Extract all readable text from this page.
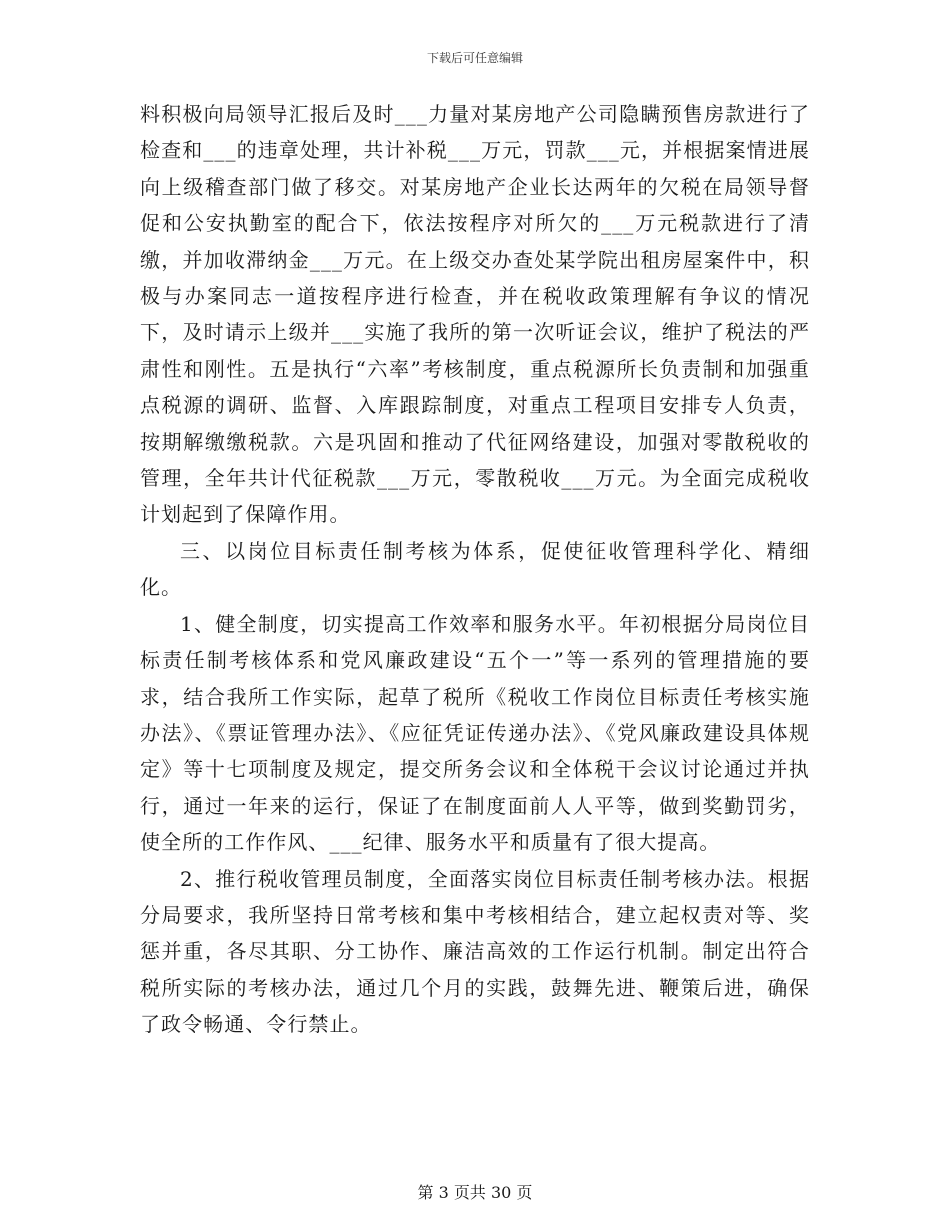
下载后可任意编辑

料积极向局领导汇报后及时___力量对某房地产公司隐瞒预售房款进行了检查和___的违章处理，共计补税___万元，罚款___元，并根据案情进展向上级稽查部门做了移交。对某房地产企业长达两年的欠税在局领导督促和公安执勤室的配合下，依法按程序对所欠的___万元税款进行了清缴，并加收滞纳金___万元。在上级交办查处某学院出租房屋案件中，积极与办案同志一道按程序进行检查，并在税收政策理解有争议的情况下，及时请示上级并___实施了我所的第一次听证会议，维护了税法的严肃性和刚性。五是执行“六率”考核制度，重点税源所长负责制和加强重点税源的调研、监督、入库跟踪制度，对重点工程项目安排专人负责，按期解缴缴税款。六是巩固和推动了代征网络建设，加强对零散税收的管理，全年共计代征税款___万元，零散税收___万元。为全面完成税收计划起到了保障作用。

三、以岗位目标责任制考核为体系，促使征收管理科学化、精细化。

1、健全制度，切实提高工作效率和服务水平。年初根据分局岗位目标责任制考核体系和党风廉政建设“五个一”等一系列的管理措施的要求，结合我所工作实际，起草了税所《税收工作岗位目标责任考核实施办法》、《票证管理办法》、《应征凭证传递办法》、《党风廉政建设具体规定》等十七项制度及规定，提交所务会议和全体税干会议讨论通过并执行，通过一年来的运行，保证了在制度面前人人平等，做到奖勤罚劣，使全所的工作作风、___纪律、服务水平和质量有了很大提高。

2、推行税收管理员制度，全面落实岗位目标责任制考核办法。根据分局要求，我所坚持日常考核和集中考核相结合，建立起权责对等、奖惩并重，各尽其职、分工协作、廉洁高效的工作运行机制。制定出符合税所实际的考核办法，通过几个月的实践，鼓舞先进、鞭策后进，确保了政令畅通、令行禁止。

第 3 页共 30 页
